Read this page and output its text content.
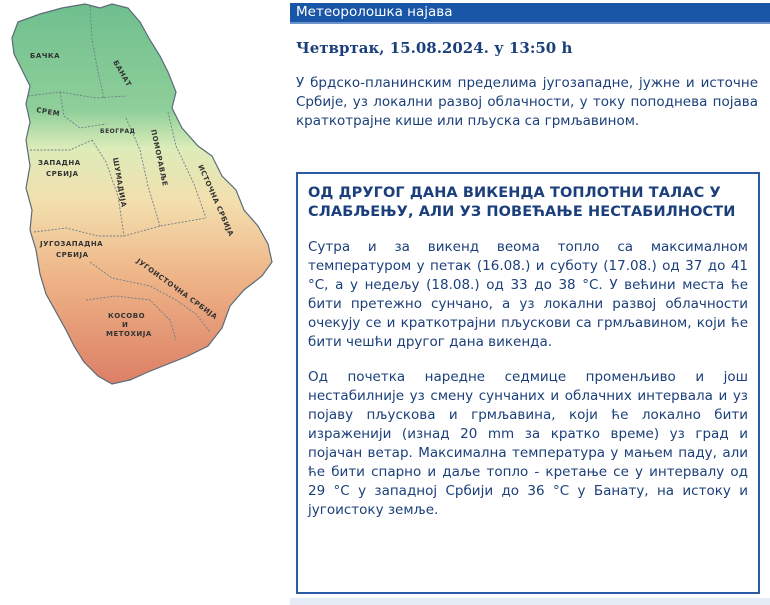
БАЧКА
БАНАТ
СРЕМ
БЕОГРАД
ЗАПАДНА
СРБИЈА	ШУМАДИЈА	ПОМОРАВЉЕ
ИСТОЧНА СРБИЈА
ЈУГОЗАПАДНА
СРБИЈА
ЈУГОИСТОЧНА СРБИЈА
КОСОВО
И
МЕТОХИЈА
Метеоролошка најава
Четвртак, 15.08.2024. у 13:50 h
У брдско-планинским пределима југозападне, јужне и источне Србије, уз локални развој облачности, у току поподнева појава краткотрајне кише или пљуска са грмљавином.
ОД ДРУГОГ ДАНА ВИКЕНДА ТОПЛОТНИ ТАЛАС У СЛАБЉЕЊУ, АЛИ УЗ ПОВЕЋАЊЕ НЕСТАБИЛНОСТИ
Сутра и за викенд веома топло са максималном температуром у петак (16.08.) и суботу (17.08.) од 37 до 41 °C, а у недељу (18.08.) од 33 до 38 °C. У већини места ће бити претежно сунчано, а уз локални развој облачности очекују се и краткотрајни пљускови са грмљавином, који ће бити чешћи другог дана викенда.
Од почетка наредне седмице променљиво и још нестабилније уз смену сунчаних и облачних интервала и уз појаву пљускова и грмљавина, који ће локално бити израженији (изнад 20 mm за кратко време) уз град и појачан ветар. Максимална температура у мањем паду, али ће бити спарно и даље топло - кретање се у интервалу од 29 °C у западној Србији до 36 °C у Банату, на истоку и југоистоку земље.
